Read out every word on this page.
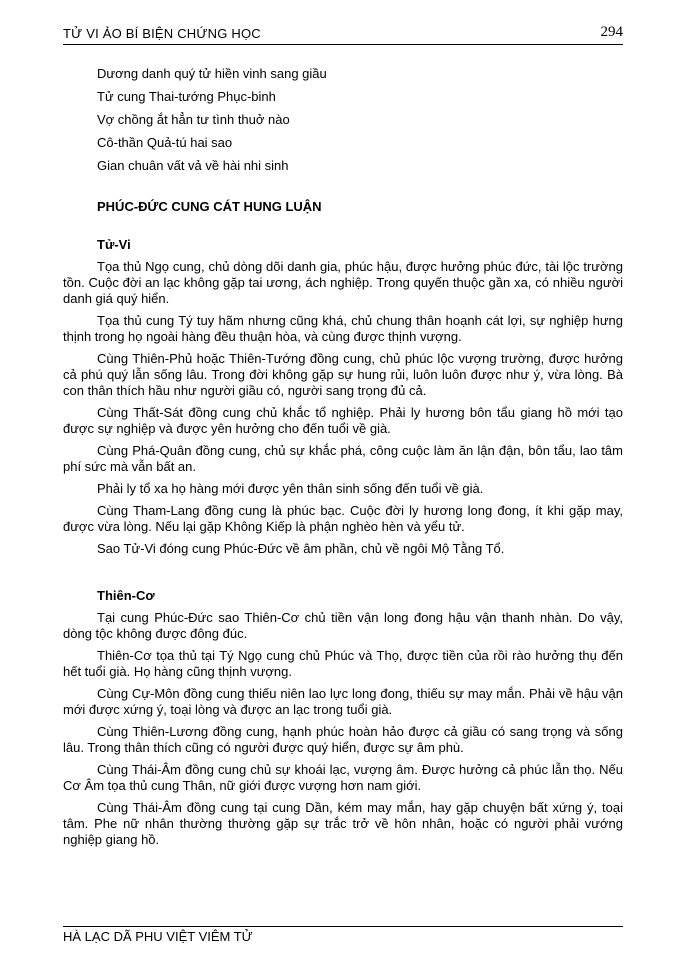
TỬ VI ẢO BÍ BIỆN CHỨNG HỌC	294
Dương danh quý tử hiền vinh sang giầu
Tử cung Thai-tướng Phục-binh
Vợ chồng ắt hẳn tư tình thuở nào
Cô-thần Quả-tú hai sao
Gian chuân vất vả về hài nhi sinh
PHÚC-ĐỨC CUNG CÁT HUNG LUẬN
Tử-Vi

Tọa thủ Ngọ cung, chủ dòng dõi danh gia, phúc hậu, được hưởng phúc đức, tài lộc trường tồn. Cuộc đời an lạc không gặp tai ương, ách nghiệp. Trong quyến thuộc gần xa, có nhiều người danh giá quý hiển.

Tọa thủ cung Tý tuy hãm nhưng cũng khá, chủ chung thân hoạnh cát lợi, sự nghiệp hưng thịnh trong họ ngoài hàng đều thuận hòa, và cùng được thịnh vượng.

Cùng Thiên-Phủ hoặc Thiên-Tướng đồng cung, chủ phúc lộc vượng trường, được hưởng cả phú quý lẫn sống lâu. Trong đời không gặp sự hung rủi, luôn luôn được như ý, vừa lòng. Bà con thân thích hầu như người giầu có, người sang trọng đủ cả.

Cùng Thất-Sát đồng cung chủ khắc tổ nghiệp. Phải ly hương bôn tẩu giang hồ mới tạo được sự nghiệp và được yên hưởng cho đến tuổi về già.

Cùng Phá-Quân đồng cung, chủ sự khắc phá, công cuộc làm ăn lận đận, bôn tẩu, lao tâm phí sức mà vẫn bất an.

Phải ly tổ xa họ hàng mới được yên thân sinh sống đến tuổi về già.

Cùng Tham-Lang đồng cung là phúc bạc. Cuộc đời ly hương long đong, ít khi gặp may, được vừa lòng. Nếu lại gặp Không Kiếp là phận nghèo hèn và yểu tử.

Sao Tử-Vi đóng cung Phúc-Đức về âm phần, chủ về ngôi Mộ Tằng Tổ.

Thiên-Cơ

Tại cung Phúc-Đức sao Thiên-Cơ chủ tiền vận long đong hậu vận thanh nhàn. Do vậy, dòng tộc không được đông đúc.

Thiên-Cơ tọa thủ tại Tý Ngọ cung chủ Phúc và Thọ, được tiền của rồi rào hưởng thụ đến hết tuổi già. Họ hàng cũng thịnh vượng.

Cùng Cự-Môn đồng cung thiếu niên lao lực long đong, thiếu sự may mắn. Phải về hậu vận mới được xứng ý, toại lòng và được an lạc trong tuổi già.

Cùng Thiên-Lương đồng cung, hạnh phúc hoàn hảo được cả giầu có sang trọng và sống lâu. Trong thân thích cũng có người được quý hiển, được sự âm phù.

Cùng Thái-Âm đồng cung chủ sự khoái lạc, vượng âm. Được hưởng cả phúc lẫn thọ. Nếu Cơ Âm tọa thủ cung Thân, nữ giới được vượng hơn nam giới.

Cùng Thái-Âm đồng cung tại cung Dần, kém may mắn, hay gặp chuyện bất xứng ý, toại tâm. Phe nữ nhân thường thường gặp sự trắc trở về hôn nhân, hoặc có người phải vướng nghiệp giang hồ.

HÀ LẠC DÃ PHU VIỆT VIÊM TỬ
